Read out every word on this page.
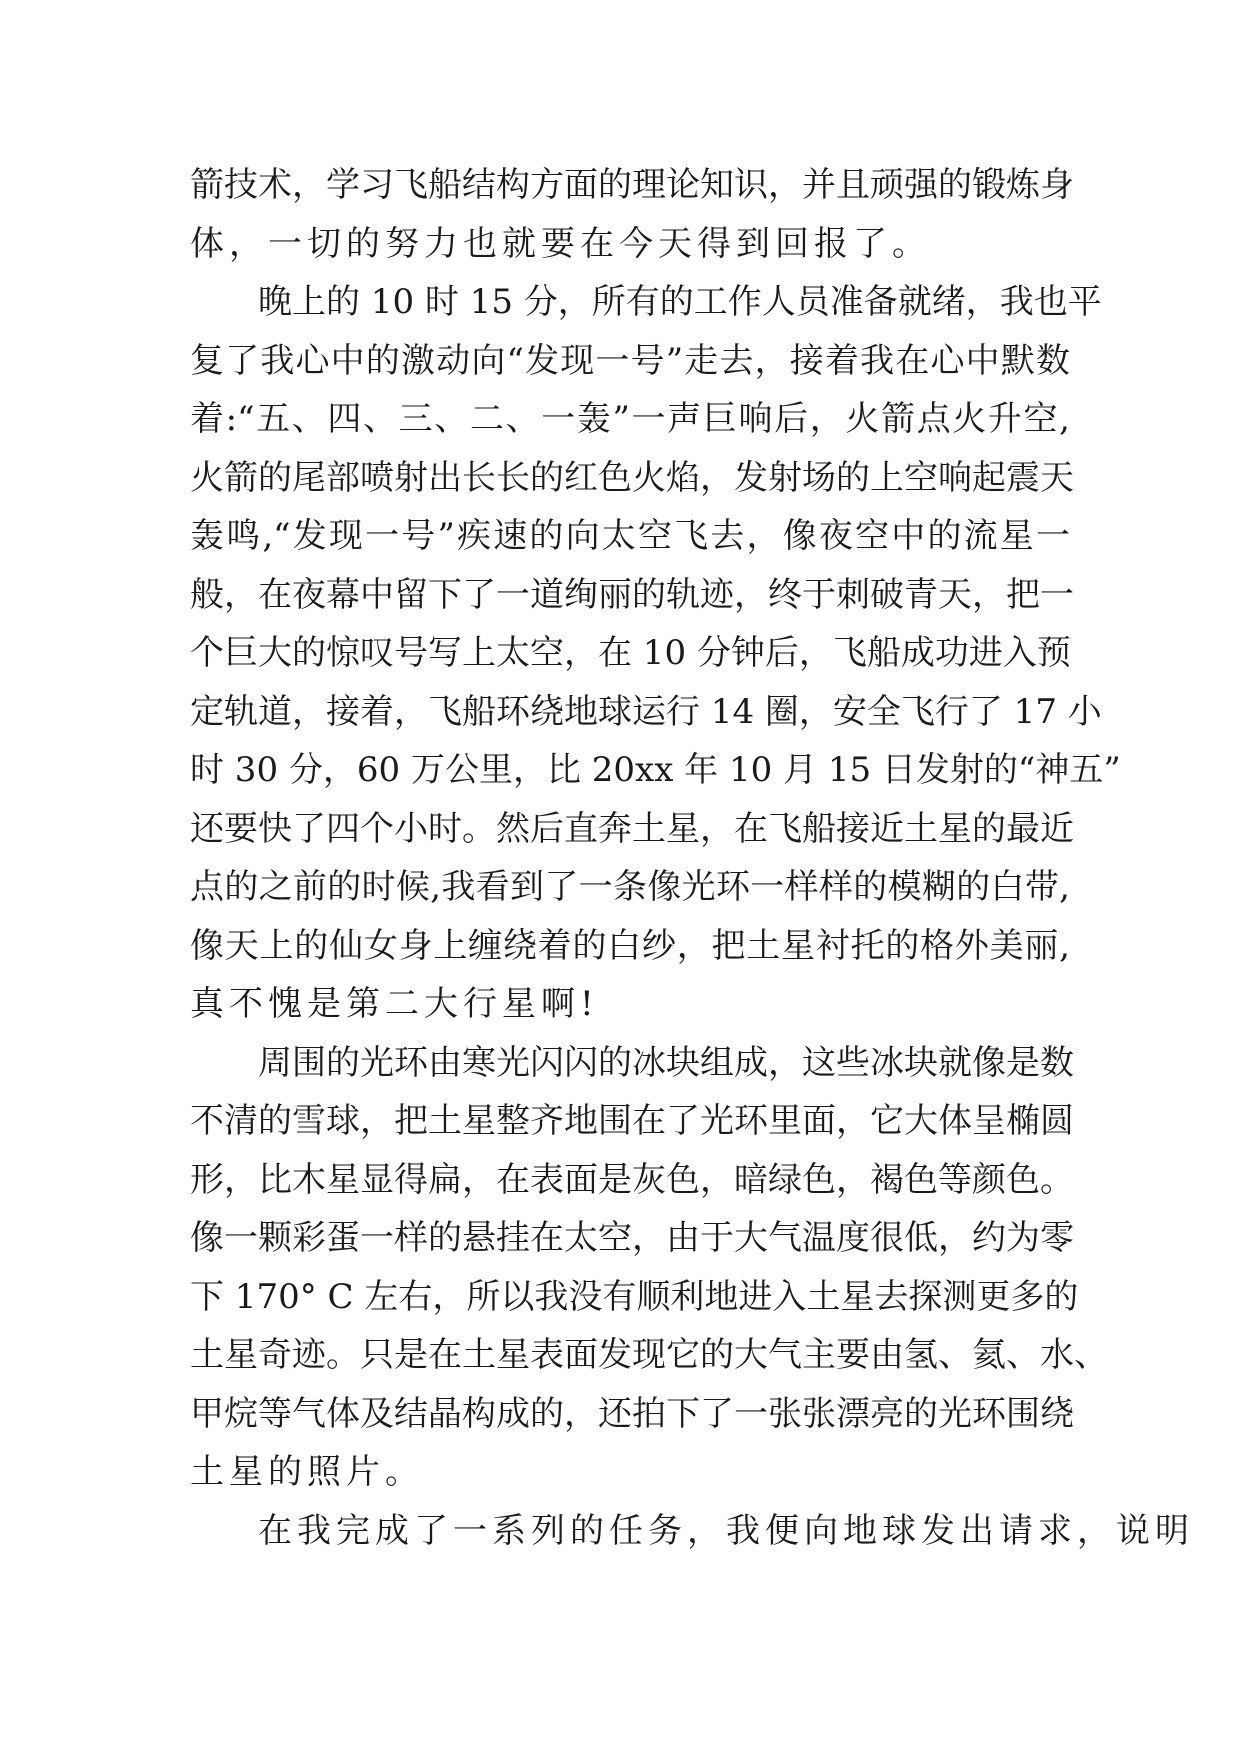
箭技术，学习飞船结构方面的理论知识，并且顽强的锻炼身
体，一切的努力也就要在今天得到回报了。
晚上的 10 时 15 分，所有的工作人员准备就绪，我也平
复了我心中的激动向“发现一号”走去，接着我在心中默数
着:“五、四、三、二、一轰”一声巨响后，火箭点火升空,
火箭的尾部喷射出长长的红色火焰，发射场的上空响起震天
轰鸣,“发现一号”疾速的向太空飞去，像夜空中的流星一
般，在夜幕中留下了一道绚丽的轨迹，终于刺破青天，把一
个巨大的惊叹号写上太空，在 10 分钟后，飞船成功进入预
定轨道，接着，飞船环绕地球运行 14 圈，安全飞行了 17 小
时 30 分，60 万公里，比 20xx 年 10 月 15 日发射的“神五”
还要快了四个小时。然后直奔土星，在飞船接近土星的最近
点的之前的时候,我看到了一条像光环一样样的模糊的白带,
像天上的仙女身上缠绕着的白纱，把土星衬托的格外美丽,
真不愧是第二大行星啊!
周围的光环由寒光闪闪的冰块组成，这些冰块就像是数
不清的雪球，把土星整齐地围在了光环里面，它大体呈椭圆
形，比木星显得扁，在表面是灰色，暗绿色，褐色等颜色。
像一颗彩蛋一样的悬挂在太空，由于大气温度很低，约为零
下 170° C 左右，所以我没有顺利地进入土星去探测更多的
土星奇迹。只是在土星表面发现它的大气主要由氢、氦、水、
甲烷等气体及结晶构成的，还拍下了一张张漂亮的光环围绕
土星的照片。
在我完成了一系列的任务，我便向地球发出请求，说明
